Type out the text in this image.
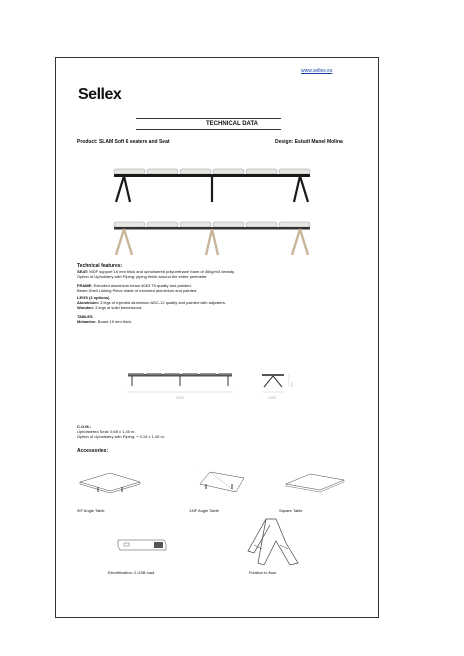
www.sellex.es
Sellex
TECHNICAL DATA
Product: SLAM Soft 6 seaters and Seat	Design: Estudi Manel Molina
Technical features:
SEAT: MDF support 16 mm thick and upholstered polyurethane foam of 40kg/m3 density.
Option of Upholstery with Piping: piping finish around the entire perimeter.
FRAME: Extruded aluminium beam 6063 T5 quality and painted.
Beam-Shell Linking Piece made of extruded aluminium and painted.
LEGS (2 options)
Aluminium: 3 legs of injected aluminium ADC-12 quality and painted with adjusters.
Wooden: 3 legs of solid beechwood.
TABLES
Melamine: Board 19 mm thick.
2300	1000
270
C.O.M.:
Upholstered Seat: 0,65 x 1,40 m.
Option of Upholstery with Piping: + 0,15 x 1,40 m.
Accessories:
90º Angle Table
·
135º Angle Table	Square Table
Electrification: 2 USB load.	Fixation to floor
